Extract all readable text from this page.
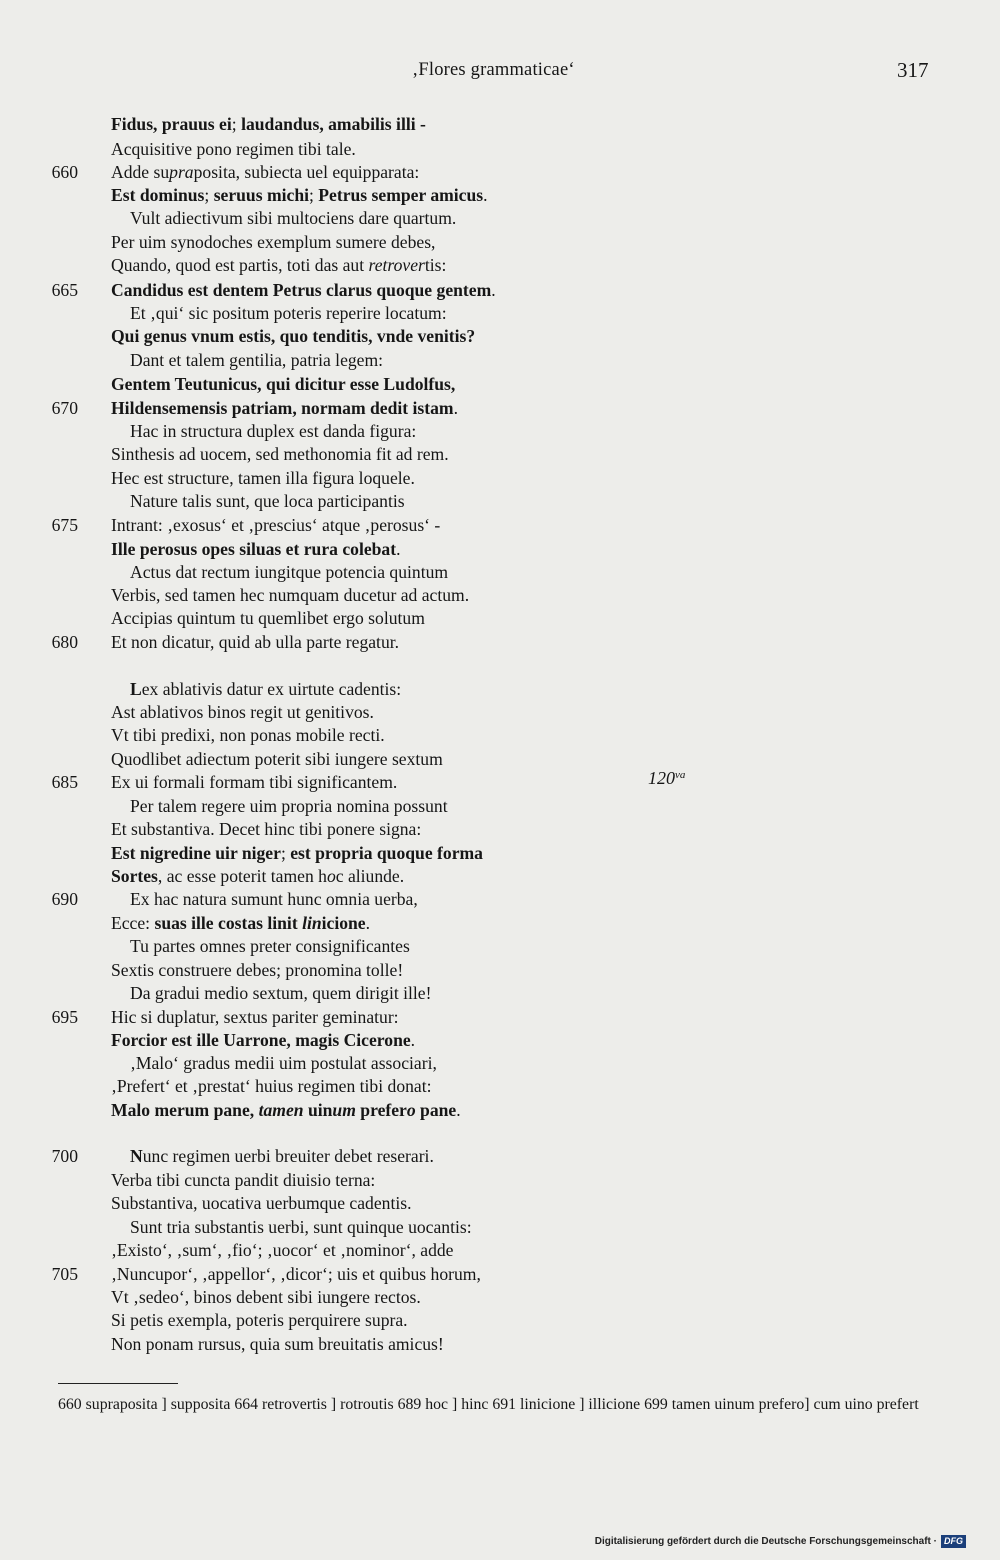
‚Flores grammaticae‘	317
Fidus, prauus ei; laudandus, amabilis illi -
Acquisitive pono regimen tibi tale.
660 Adde supraposita, subiecta uel equipparata:
Est dominus; seruus michi; Petrus semper amicus.
Vult adiectivum sibi multociens dare quartum.
Per uim synodoches exemplum sumere debes,
Quando, quod est partis, toti das aut retrovertis:
665 Candidus est dentem Petrus clarus quoque gentem.
Et ‚qui‘ sic positum poteris reperire locatum:
Qui genus vnum estis, quo tenditis, vnde venitis?
Dant et talem gentilia, patria legem:
Gentem Teutunicus, qui dicitur esse Ludolfus,
670 Hildensemensis patriam, normam dedit istam.
Hac in structura duplex est danda figura:
Sinthesis ad uocem, sed methonomia fit ad rem.
Hec est structure, tamen illa figura loquele.
Nature talis sunt, que loca participantis
675 Intrant: ‚exosus‘ et ‚prescius‘ atque ‚perosus‘ -
Ille perosus opes siluas et rura colebat.
Actus dat rectum iungitque potencia quintum
Verbis, sed tamen hec numquam ducetur ad actum.
Accipias quintum tu quemlibet ergo solutum
680 Et non dicatur, quid ab ulla parte regatur.
Lex ablativis datur ex uirtute cadentis:
Ast ablativos binos regit ut genitivos.
Vt tibi predixi, non ponas mobile recti.
Quodlibet adiectum poterit sibi iungere sextum
685 Ex ui formali formam tibi significantem.
Per talem regere uim propria nomina possunt
Et substantiva. Decet hinc tibi ponere signa:
Est nigredine uir niger; est propria quoque forma
Sortes, ac esse poterit tamen hoc aliunde.
690	Ex hac natura sumunt hunc omnia uerba,
Ecce: suas ille costas linit linicione.
Tu partes omnes preter consignificantes
Sextis construere debes; pronomina tolle!
Da gradui medio sextum, quem dirigit ille!
695 Hic si duplatur, sextus pariter geminatur:
Forcior est ille Uarrone, magis Cicerone.
‚Malo‘ gradus medii uim postulat associari,
‚Prefert‘ et ‚prestat‘ huius regimen tibi donat:
Malo merum pane, tamen uinum prefero pane.
700	Nunc regimen uerbi breuiter debet reserari.
Verba tibi cuncta pandit diuisio terna:
Substantiva, uocativa uerbumque cadentis.
Sunt tria substantis uerbi, sunt quinque uocantis:
‚Existo‘, ‚sum‘, ‚fio‘; ‚uocor‘ et ‚nominor‘, adde
705 ‚Nuncupor‘, ‚appellor‘, ‚dicor‘; uis et quibus horum,
Vt ‚sedeo‘, binos debent sibi iungere rectos.
Si petis exempla, poteris perquirere supra.
Non ponam rursus, quia sum breuitatis amicus!
$120^{va}$
660 supraposita ] supposita 664 retrovertis ] rotroutis 689 hoc ] hinc 691 linicione ] illicione 699 tamen uinum prefero] cum uino prefert
Digitalisierung gefördert durch die Deutsche Forschungsgemeinschaft · DFG
